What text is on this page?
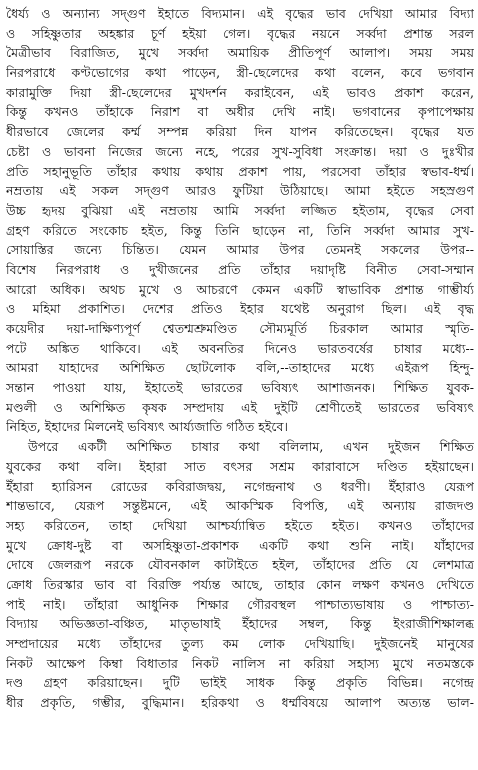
ধৈর্য্য ও অন্যান্য সদ্গুণ ইহাতে বিদ্যমান। এই বৃদ্ধের ভাব দেখিয়া আমার বিদ্যা
ও সহিষ্ণুতার অহঙ্কার চূর্ণ হইয়া গেল। বৃদ্ধের নয়নে সর্ব্বদা প্রশান্ত সরল
মৈত্রীভাব বিরাজিত, মুখে সর্ব্বদা অমায়িক প্রীতিপূর্ণ আলাপ। সময় সময়
নিরপরাধে কণ্টভোগের কথা পাড়েন, স্ত্রী-ছেলেদের কথা বলেন, কবে ভগবান
কারামুক্তি দিয়া স্ত্রী-ছেলেদের মুখদর্শন করাইবেন, এই ভাবও প্রকাশ করেন,
কিন্তু কখনও তাঁহাকে নিরাশ বা অধীর দেখি নাই। ভগবানের কৃপাপেক্ষায়
ধীরভাবে জেলের কর্ম্ম সম্পন্ন করিয়া দিন যাপন করিতেছেন। বৃদ্ধের যত
চেষ্টা ও ভাবনা নিজের জন্যে নহে, পরের সুখ-সুবিধা সংক্রান্ত। দয়া ও দুঃখীর
প্রতি সহানুভূতি তাঁহার কথায় কথায় প্রকাশ পায়, পরসেবা তাঁহার স্বভাব-ধর্ম্ম।
নম্রতায় এই সকল সদ্গুণ আরও ফুটিয়া উঠিয়াছে। আমা হইতে সহস্রগুণ
উচ্চ হৃদয় বুঝিয়া এই নম্রতায় আমি সর্ব্বদা লজ্জিত হইতাম, বৃদ্ধের সেবা
গ্রহণ করিতে সংকোচ হইত, কিন্তু তিনি ছাড়েন না, তিনি সর্ব্বদা আমার সুখ-
সোয়াস্তির জন্যে চিন্তিত। যেমন আমার উপর তেমনই সকলের উপর--
বিশেষ নিরপরাধ ও দুখীজনের প্রতি তাঁহার দয়াদৃষ্টি বিনীত সেবা-সম্মান
আরো অধিক। অথচ মুখে ও আচরণে কেমন একটি স্বাভাবিক প্রশান্ত গাম্ভীর্য্য
ও মহিমা প্রকাশিত। দেশের প্রতিও ইহার যথেষ্ট অনুরাগ ছিল। এই বৃদ্ধ
কয়েদীর দয়া-দাক্ষিণ্যপূর্ণ শ্বেতশ্মশ্রুমণ্ডিত সৌম্যমূর্তি চিরকাল আমার স্মৃতি-
পটে অঙ্কিত থাকিবে। এই অবনতির দিনেও ভারতবর্ষের চাষার মধ্যে--
আমরা যাহাদের অশিক্ষিত ছোটলোক বলি,--তাহাদের মধ্যে এইরূপ হিন্দু-
সন্তান পাওয়া যায়, ইহাতেই ভারতের ভবিষ্যৎ আশাজনক। শিক্ষিত যুবক-
মণ্ডলী ও অশিক্ষিত কৃষক সম্প্রদায় এই দুইটি শ্রেণীতেই ভারতের ভবিষ্যৎ
নিহিত, ইহাদের মিলনেই ভবিষ্যৎ আর্য্যজাতি গঠিত হইবে।
উপরে একটী অশিক্ষিত চাষার কথা বলিলাম, এখন দুইজন শিক্ষিত
যুবকের কথা বলি। ইহারা সাত বৎসর সশ্রম কারাবাসে দণ্ডিত হইয়াছেন।
ইঁহারা হ্যারিসন রোডের কবিরাজদ্বয়, নগেন্দ্রনাথ ও ধরণী। ইঁহারাও যেরূপ
শান্তভাবে, যেরূপ সন্তুষ্টমনে, এই আকস্মিক বিপত্তি, এই অন্যায় রাজদণ্ড
সহ্য করিতেন, তাহা দেখিয়া আশ্চর্য্যান্বিত হইতে হইত। কখনও তাঁহাদের
মুখে ক্রোধ-দুষ্ট বা অসহিষ্ণুতা-প্রকাশক একটি কথা শুনি নাই। যাঁহাদের
দোষে জেলরূপ নরকে যৌবনকাল কাটাইতে হইল, তাঁহাদের প্রতি যে লেশমাত্র
ক্রোধ তিরস্কার ভাব বা বিরক্তি পর্য্যন্ত আছে, তাহার কোন লক্ষণ কখনও দেখিতে
পাই নাই। তাঁহারা আধুনিক শিক্ষার গৌরবস্থল পাশ্চাত্যভাষায় ও পাশ্চাত্য-
বিদ্যায় অভিজ্ঞতা-বঞ্চিত, মাতৃভাষাই ইঁহাদের সম্বল, কিন্তু ইংরাজীশিক্ষালব্ধ
সম্প্রদায়ের মধ্যে তাঁহাদের তুল্য কম লোক দেখিয়াছি। দুইজনেই মানুষের
নিকট আক্ষেপ কিম্বা বিধাতার নিকট নালিস না করিয়া সহাস্য মুখে নতমস্তকে
দণ্ড গ্রহণ করিয়াছেন। দুটি ভাইই সাধক কিন্তু প্রকৃতি বিভিন্ন। নগেন্দ্র
ধীর প্রকৃতি, গম্ভীর, বুদ্ধিমান। হরিকথা ও ধর্ম্মবিষয়ে আলাপ অত্যন্ত ভাল-
